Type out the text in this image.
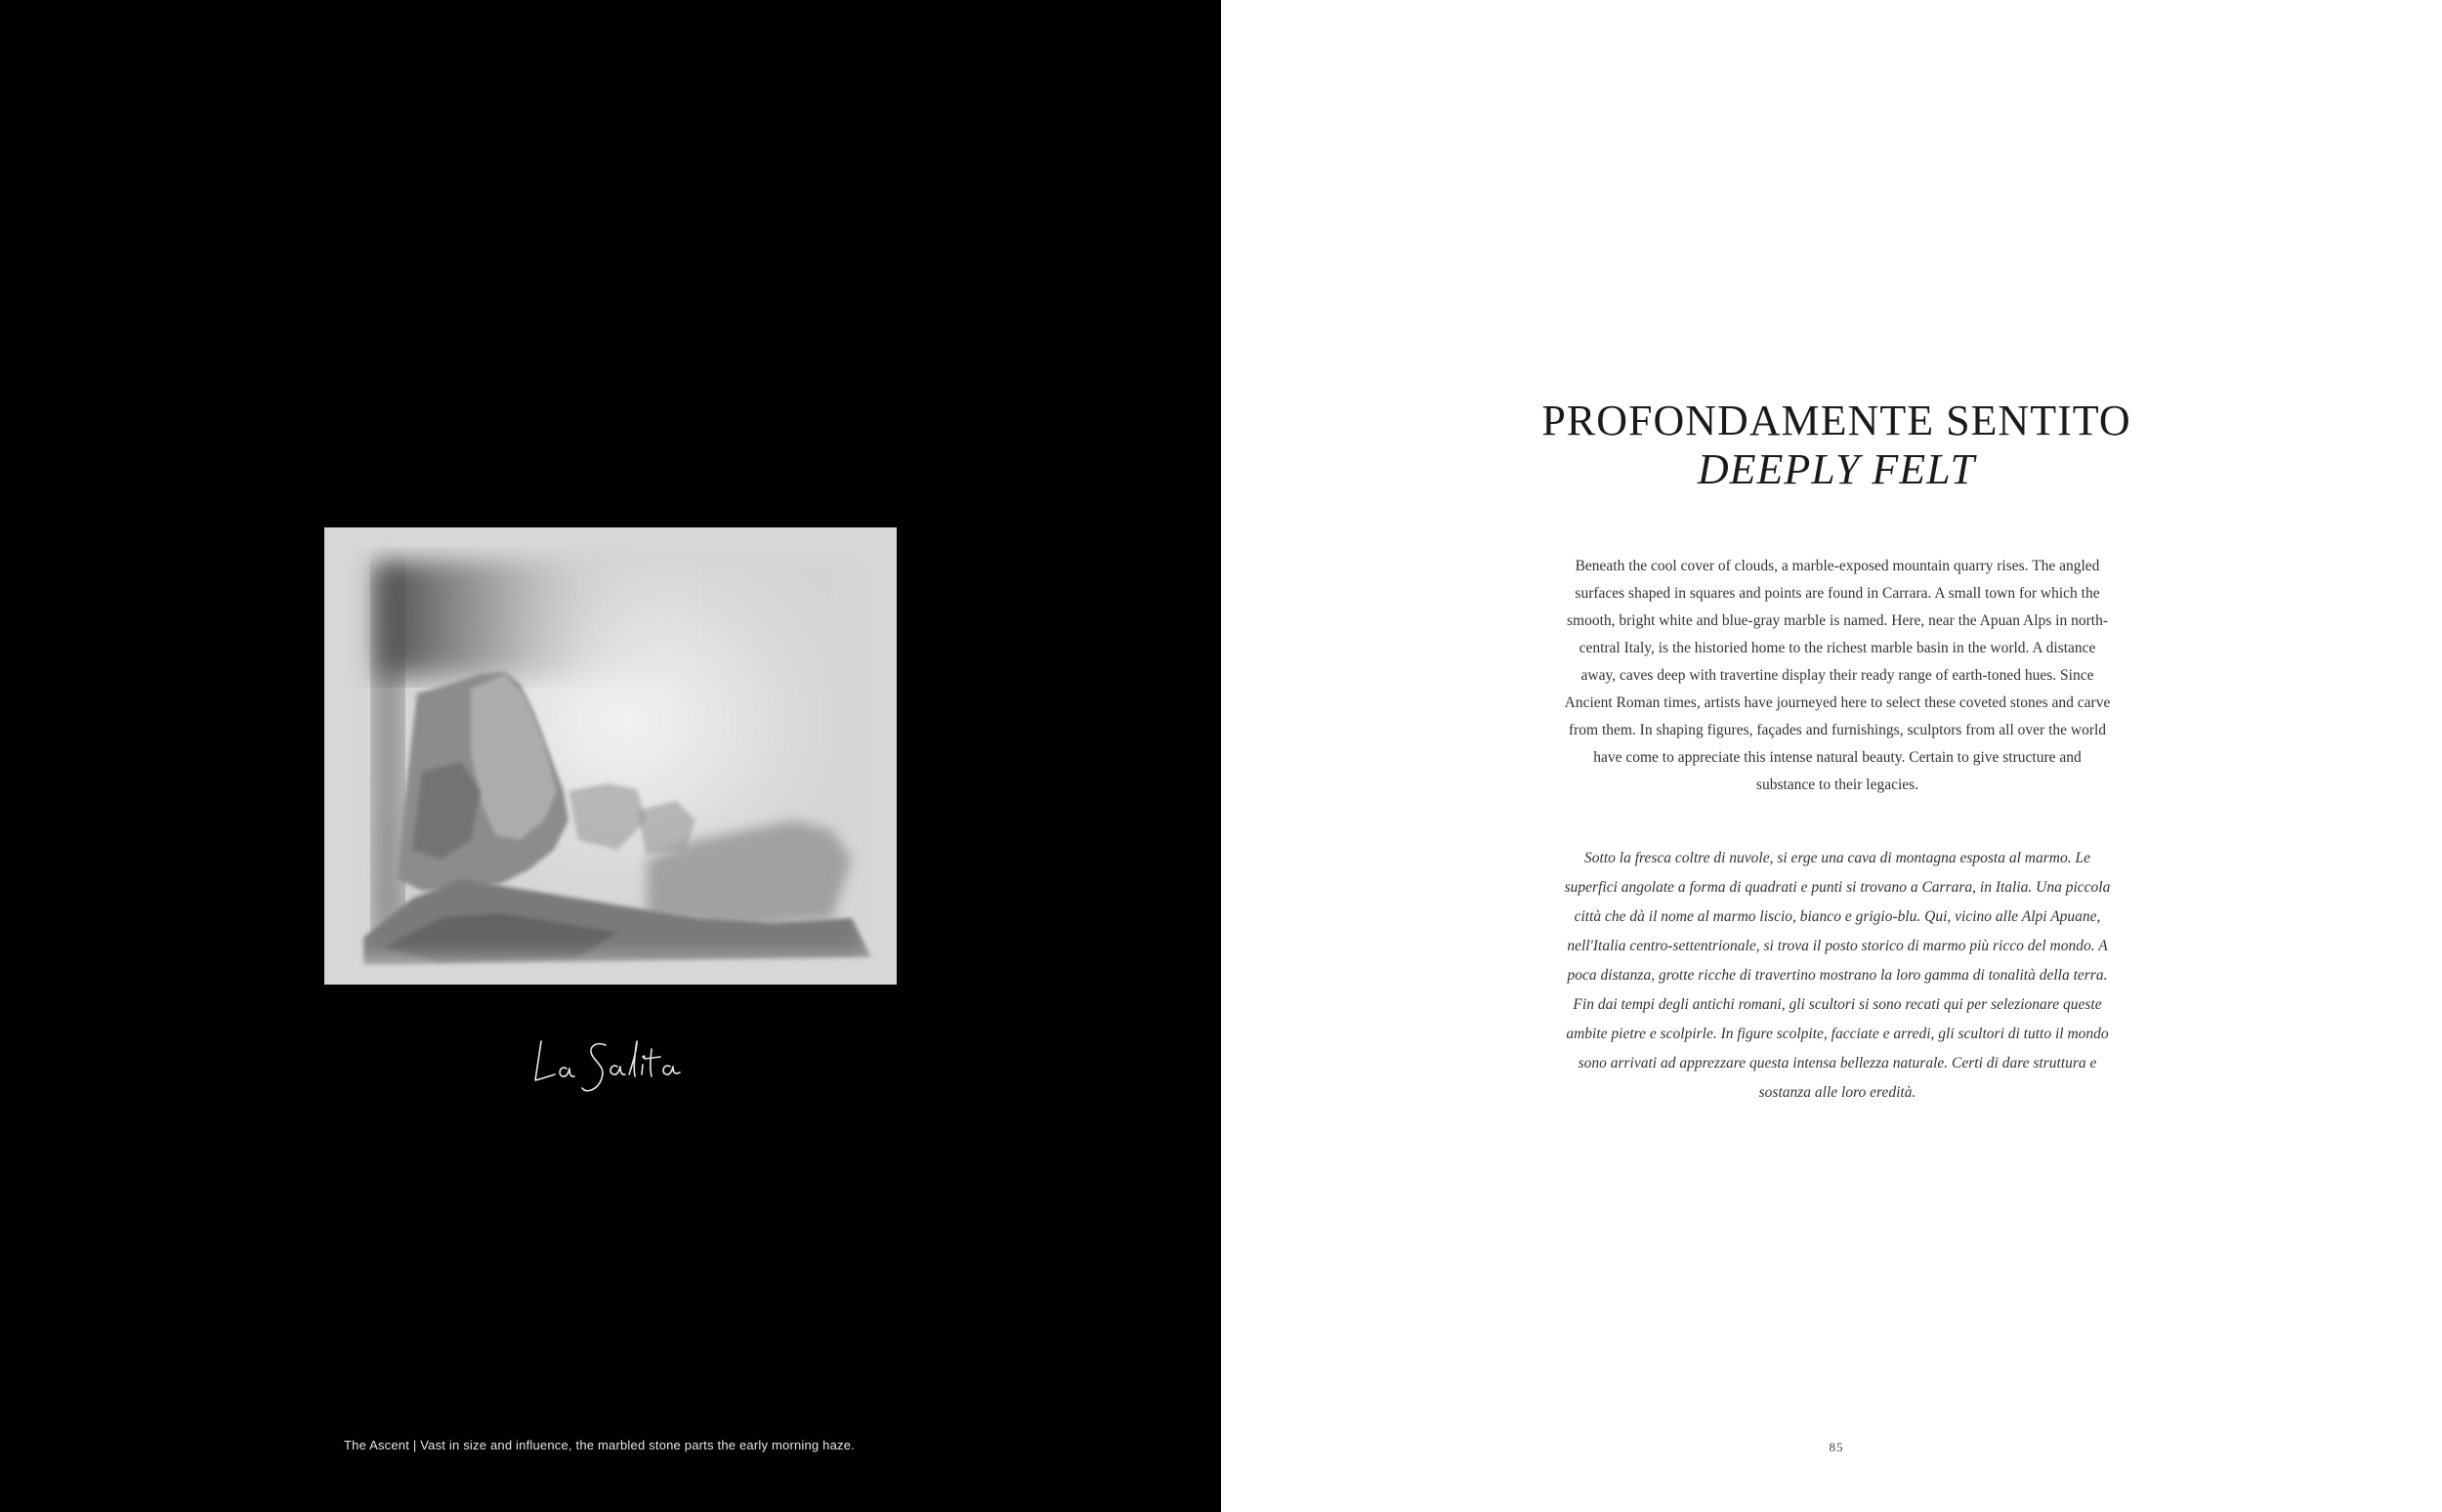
The Ascent | Vast in size and influence, the marbled stone parts the early morning haze.
PROFONDAMENTE SENTITO
DEEPLY FELT
Beneath the cool cover of clouds, a marble-exposed mountain quarry rises. The angled surfaces shaped in squares and points are found in Carrara. A small town for which the smooth, bright white and blue-gray marble is named. Here, near the Apuan Alps in north-central Italy, is the historied home to the richest marble basin in the world. A distance away, caves deep with travertine display their ready range of earth-toned hues. Since Ancient Roman times, artists have journeyed here to select these coveted stones and carve from them. In shaping figures, façades and furnishings, sculptors from all over the world have come to appreciate this intense natural beauty. Certain to give structure and substance to their legacies.
Sotto la fresca coltre di nuvole, si erge una cava di montagna esposta al marmo. Le superfici angolate a forma di quadrati e punti si trovano a Carrara, in Italia. Una piccola città che dà il nome al marmo liscio, bianco e grigio-blu. Qui, vicino alle Alpi Apuane, nell'Italia centro-settentrionale, si trova il posto storico di marmo più ricco del mondo. A poca distanza, grotte ricche di travertino mostrano la loro gamma di tonalità della terra. Fin dai tempi degli antichi romani, gli scultori si sono recati qui per selezionare queste ambite pietre e scolpirle. In figure scolpite, facciate e arredi, gli scultori di tutto il mondo sono arrivati ad apprezzare questa intensa bellezza naturale. Certi di dare struttura e sostanza alle loro eredità.
85
